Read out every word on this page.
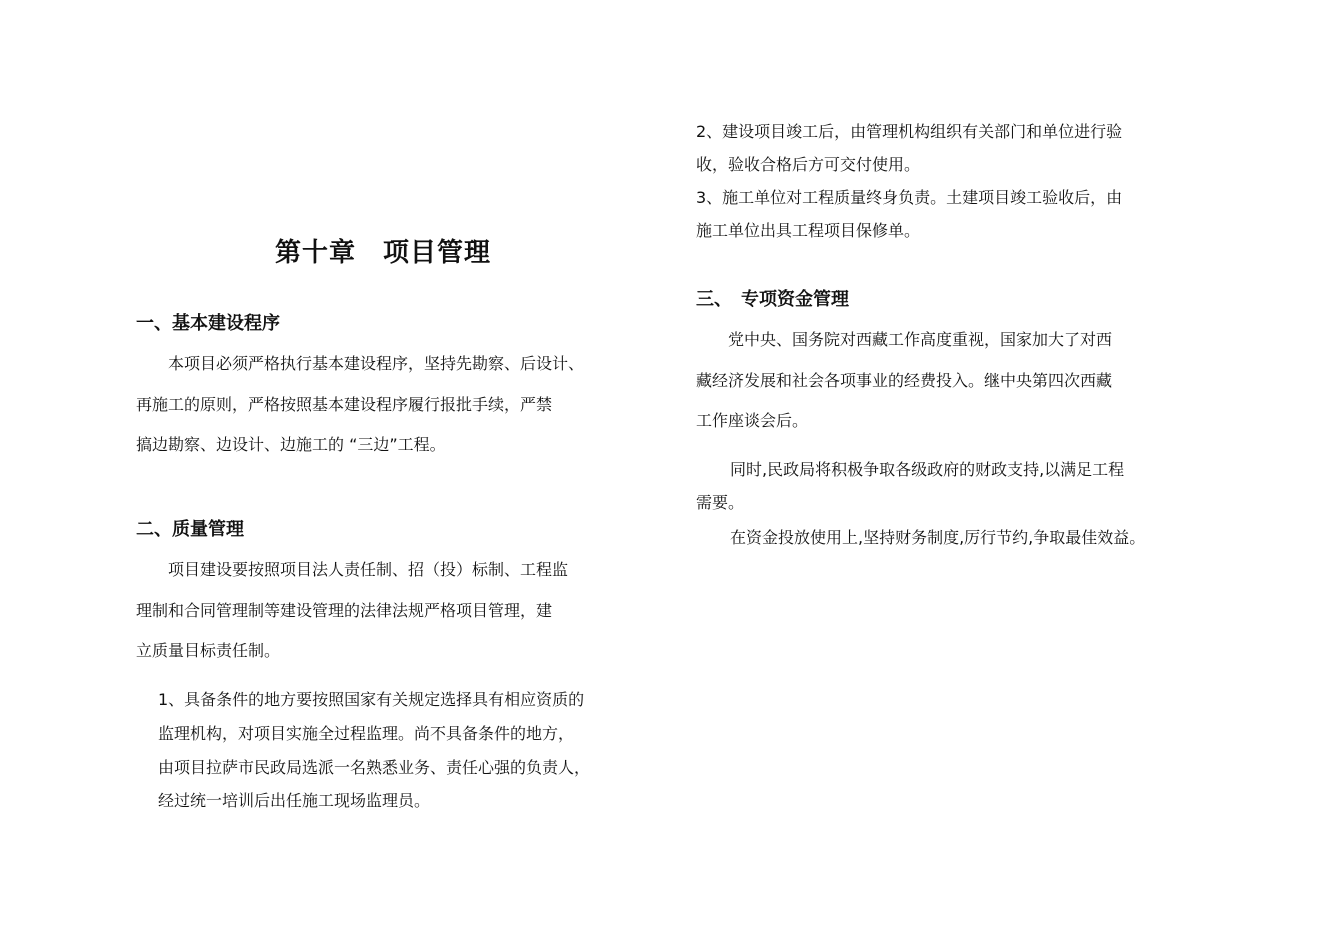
第十章　项目管理
一、基本建设程序
本项目必须严格执行基本建设程序，坚持先勘察、后设计、
再施工的原则，严格按照基本建设程序履行报批手续，严禁
搞边勘察、边设计、边施工的 “三边”工程。
二、质量管理
项目建设要按照项目法人责任制、招（投）标制、工程监
理制和合同管理制等建设管理的法律法规严格项目管理，建
立质量目标责任制。
1、具备条件的地方要按照国家有关规定选择具有相应资质的
监理机构，对项目实施全过程监理。尚不具备条件的地方，
由项目拉萨市民政局选派一名熟悉业务、责任心强的负责人，
经过统一培训后出任施工现场监理员。
2、建设项目竣工后，由管理机构组织有关部门和单位进行验
收，验收合格后方可交付使用。
3、施工单位对工程质量终身负责。土建项目竣工验收后，由
施工单位出具工程项目保修单。
三、　专项资金管理
党中央、国务院对西藏工作高度重视，国家加大了对西
藏经济发展和社会各项事业的经费投入。继中央第四次西藏
工作座谈会后。
同时,民政局将积极争取各级政府的财政支持,以满足工程
需要。
在资金投放使用上,坚持财务制度,厉行节约,争取最佳效益。
